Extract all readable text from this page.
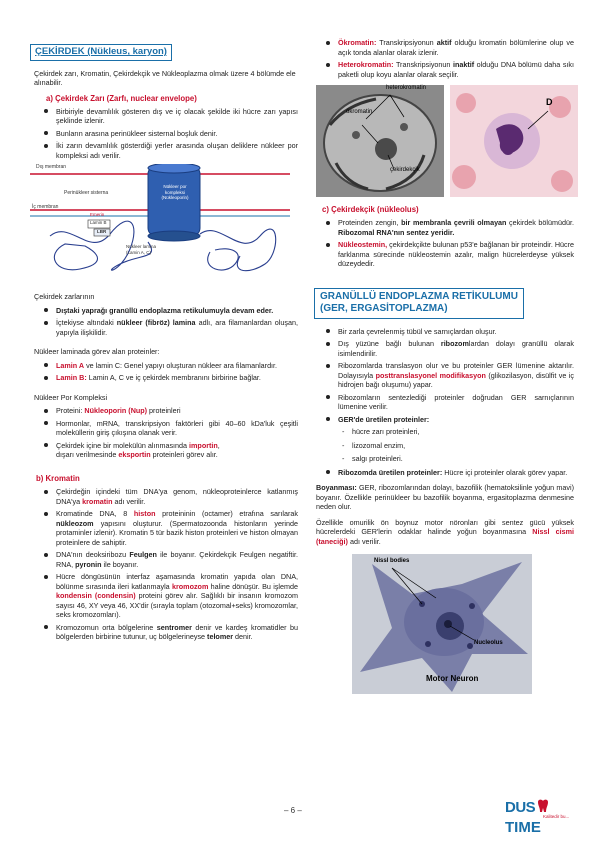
ÇEKİRDEK (Nükleus, karyon)

Çekirdek zarı, Kromatin, Çekirdekçik ve Nükleoplazma olmak üzere 4 bölümde ele alınabilir.

a) Çekirdek Zarı (Zarfı, nuclear envelope)
Birbiriyle devamlılık gösteren dış ve iç olacak şekilde iki hücre zarı yapısı şeklinde izlenir.
Bunların arasına perinükleer sisternal boşluk denir.
İki zarın devamlılık gösterdiği yerler arasında oluşan deliklere nükleer por kompleksi adı verilir.
Dış membran
Perinükleer sisterna
İç membran
Emerin
Lamin B
LBR
Nükleer por
kompleksi
(Nükleoporin)
Nükleer lamina
(Lamin A, C)

Çekirdek zarlarının

Dıştaki yaprağı granüllü endoplazma retikulumuyla devam eder.
İçtekiyse altındaki nükleer (fibröz) lamina adlı, ara filamanlardan oluşan, yapıyla ilişkilidir.

Nükleer laminada görev alan proteinler:

Lamin A ve lamin C: Genel yapıyı oluşturan nükleer ara filamanlardır.
Lamin B: Lamin A, C ve iç çekirdek membranını birbirine bağlar.

Nükleer Por Kompleksi

Proteini: Nükleoporin (Nup) proteinleri
Hormonlar, mRNA, transkripsiyon faktörleri gibi 40–60 kDa'luk çeşitli moleküllerin giriş çıkışına olanak verir.
Çekirdek içine bir molekülün alınmasında importin,
dışarı verilmesinde eksportin proteinleri görev alır.
b) Kromatin
Çekirdeğin içindeki tüm DNA'ya genom, nükleoproteinlerce katlanmış DNA'ya kromatin adı verilir.
Kromatinde DNA, 8 histon proteininin (octamer) etrafına sarılarak nükleozom yapısını oluşturur. (Spermatozoonda histonların yerinde protaminler izlenir). Kromatin 5 tür bazik histon proteinleri ve histon olmayan proteinlere de sahiptir.
DNA'nın deoksiribozu Feulgen ile boyanır. Çekirdekçik Feulgen negatiftir. RNA, pyronin ile boyanır.
Hücre döngüsünün interfaz aşamasında kromatin yapıda olan DNA, bölünme sırasında ileri katlanmayla kromozom haline dönüşür. Bu işlemde kondensin (condensin) proteini görev alır. Sağlıklı bir insanın kromozom sayısı 46, XY veya 46, XX'dir (sırayla toplam (otozomal+seks) kromozomlar, seks kromozomları).
Kromozomun orta bölgelerine sentromer denir ve kardeş kromatidler bu bölgelerden birbirine tutunur, uç bölgelerineyse telomer denir.
Ökromatin: Transkripsiyonun aktif olduğu kromatin bölümlerine olup ve açık tonda alanlar olarak izlenir.
Heterokromatin: Transkripsiyonun inaktif olduğu DNA bölümü daha sıkı paketli olup koyu alanlar olarak seçilir.
heterokromatin
ökromatin
çekirdekçik
D
c) Çekirdekçik (nükleolus)
Proteinden zengin, bir membranla çevrili olmayan çekirdek bölümüdür. Ribozomal RNA'nın sentez yeridir.
Nükleostemin, çekirdekçikte bulunan p53'e bağlanan bir proteindir. Hücre farklanma sürecinde nükleostemin azalır, malign hücrelerdeyse yüksek düzeydedir.
GRANÜLLÜ ENDOPLAZMA RETİKULUMU
(GER, ERGASİTOPLAZMA)
Bir zarla çevrelenmiş tübül ve sarnıçlardan oluşur.
Dış yüzüne bağlı bulunan ribozomlardan dolayı granüllü olarak isimlendirilir.
Ribozomlarda translasyon olur ve bu proteinler GER lümenine aktarılır. Dolayısıyla posttranslasyonel modifikasyon (glikozilasyon, disülfit ve iç hidrojen bağı oluşumu) yapar.
Ribozomların sentezlediği proteinler doğrudan GER sarnıçlarının lümenine verilir.
GER'de üretilen proteinler:
- hücre zarı proteinleri,
- lizozomal enzim,
- salgı proteinleri.
Ribozomda üretilen proteinler: Hücre içi proteinler olarak görev yapar.

Boyanması: GER, ribozomlarından dolayı, bazofilik (hematoksilinle yoğun mavi) boyanır. Özellikle perinükleer bu bazofilik boyanma, ergasitoplazma denmesine neden olur.

Özellikle omurilik ön boynuz motor nöronları gibi sentez gücü yüksek hücrelerdeki GER'lerin odaklar halinde yoğun boyanmasına Nissl cismi (taneciği) adı verilir.

Nissl bodies
Nucleolus
Motor Neuron
– 6 –	DUS  TIME
Kalitedir bu...
